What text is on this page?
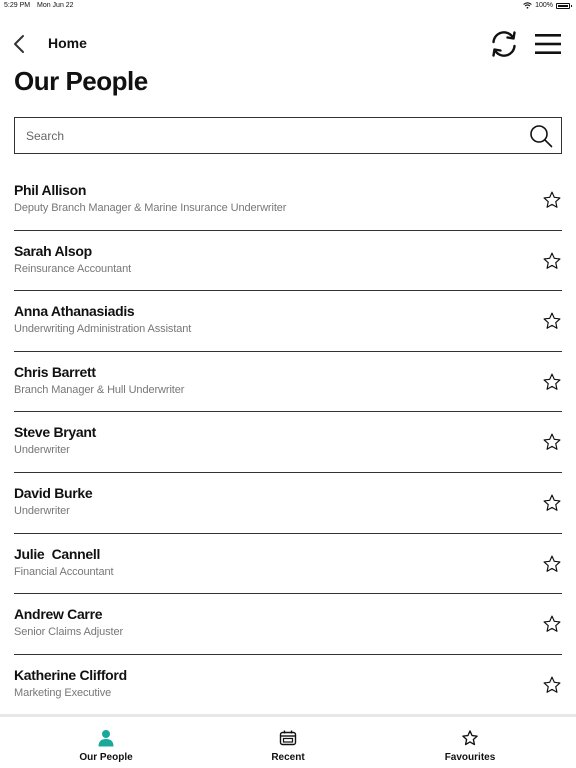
5:29 PM Mon Jun 22	100%
Home
Our People
Search
Phil Allison
Deputy Branch Manager & Marine Insurance Underwriter
Sarah Alsop
Reinsurance Accountant
Anna Athanasiadis
Underwriting Administration Assistant
Chris Barrett
Branch Manager & Hull Underwriter
Steve Bryant
Underwriter
David Burke
Underwriter
Julie  Cannell
Financial Accountant
Andrew Carre
Senior Claims Adjuster
Katherine Clifford
Marketing Executive
Our People	Recent	Favourites
